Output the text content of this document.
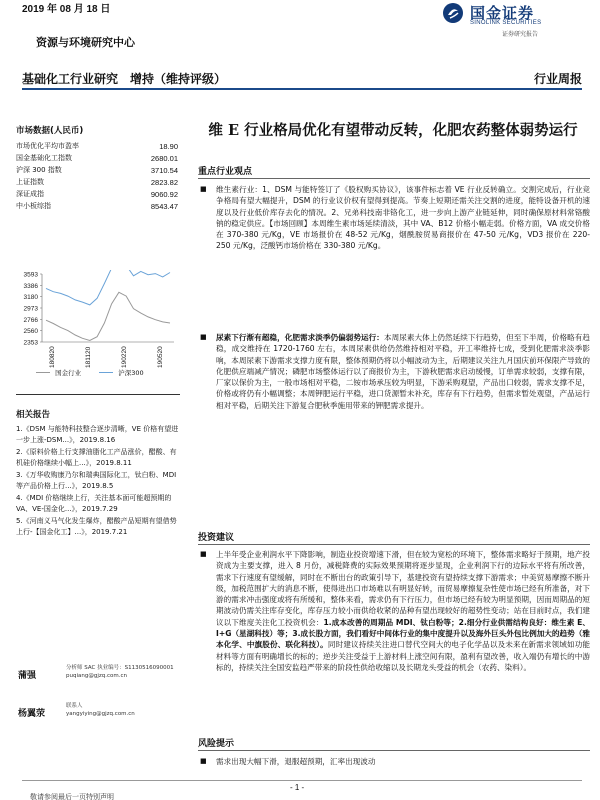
2019 年 08 月 18 日	国金证券
SINOLINK SECURITIES
证券研究报告
资源与环境研究中心
基础化工行业研究　增持（维持评级）	行业周报
市场数据(人民币)
市场优化平均市盈率	18.90
国金基础化工指数	2680.01
沪深 300 指数	3710.54
上证指数	2823.82
深证成指	9060.92
中小板综指	8543.47
3593
3386
3180
2973
2766
2560
2353
180820	181120	190220	190520
国金行业	沪深300
相关报告
1.《DSM 与能特科技整合逐步清晰，VE 价格有望进一步上涨-DSM...》，2019.8.16
2.《原料价格上行支撑油脂化工产品涨价，醋酸、有机硅价格继续小幅上...》，2019.8.11
3.《万华收购康乃尔和瑞典国际化工，钛白粉、MDI 等产品价格上行...》，2019.8.5
4.《MDI 价格继续上行，关注基本面可能超预期的 VA、VE-国金化...》，2019.7.29
5.《河南义马气化发生爆炸，醋酸产品短期有望借势上行-【国金化工】...》，2019.7.21
蒲强
分析师 SAC 执业编号：S1130516090001
puqiang@gjzq.com.cn
杨翼荥
联系人
yangyiying@gjzq.com.cn
维 E 行业格局优化有望带动反转，化肥农药整体弱势运行
重点行业观点
■ 维生素行业：1、DSM 与能特签订了《股权购买协议》，该事件标志着 VE 行业反转确立。交割完成后，行业竞争格局有望大幅提升，DSM 的行业议价权有望得到提高。节奏上短期还需关注交割的进度，能特设备开机的速度以及行业低价库存去化的情况。2、兄弟科技南非铬化工，进一步向上游产业链延伸，同时确保原材料常铬酸钠的稳定供应。【市场回顾】本周维生素市场延续清淡，其中 VA、B12 价格小幅走弱。价格方面，VA 成交价格在 370-380 元/Kg，VE 市场报价在 48-52 元/Kg，烟酰胺贸易商报价在 47-50 元/Kg，VD3 报价在 220-250 元/Kg，泛酸钙市场价格在 330-380 元/Kg。
■ 尿素下行渐有超稳，化肥需求淡季仍偏弱势运行：本周尿素大体上仍然延续下行趋势，但至下半周，价格略有趋稳，成交维持在 1720-1760 左右，本周尿素供给仍然维持相对平稳，开工率维持七成，受到化肥需求淡季影响，本周尿素下游需求支撑力度有限，整体预期仍将以小幅波动为主，后期建议关注九月国庆前环保限产导致的化肥供应端减产情况；磷肥市场整体运行以了商报价为主，下游秋肥需求启动缓慢，订单需求较弱，支撑有限，厂家以保价为主，一般市场相对平稳，二铵市场承压较为明显，下游采购观望，产品出口较弱，需求支撑不足，价格或将仍有小幅调整；本周钾肥运行平稳，进口货源暂未补充，库存有下行趋势，但需求暂处观望，产品运行相对平稳，后期关注下游复合肥秋季施用带来的钾肥需求提升。
投资建议
■ 上半年受企业利润水平下降影响，制造业投资增速下滑，但在较为宽松的环境下，整体需求略好于预期，地产投资成为主要支撑，进入 8 月份，减税降费的实际效果预期将逐步显现，企业利润下行的边际水平将有所改善，需求下行速度有望缓解，同时在不断出台的政策引导下，基建投资有望持续支撑下游需求；中美贸易摩擦不断升级，加税范围扩大的消息不断，使得进出口市场难以有明显好转，而贸易摩擦复杂性使市场已经有所准备，对下游的需求冲击强度或将有所缓和，整体来看，需求仍有下行压力，但市场已经有较为明显预期，因而周期品的短期波动仍需关注库存变化，库存压力较小而供给收紧的品种有望出现较好的超势性变动；站在目前时点，我们建议以下维度关注化工投资机会：1.成本改善的周期品 MDI、钛白粉等；2.细分行业供需结构良好：维生素 E、I+G（星湖科技）等；3.成长股方面，我们看好中间体行业的集中度提升以及海外巨头外包比例加大的趋势（雅本化学、中旗股份、联化科技）。同时建议持续关注进口替代空间大的电子化学品以及未来在新需求领域如功能材料等方面有明确增长的标的；逆步关注受益于上游材料上涨空间有限，盈利有望改善，收入端仍有增长的中游标的，持续关注全国安监趋严带来的阶段性供给收缩以及长期龙头受益的机会（农药、染料）。
风险提示
■ 需求出现大幅下滑，退服超预期，汇率出现波动
- 1 -
敬请参阅最后一页特别声明
